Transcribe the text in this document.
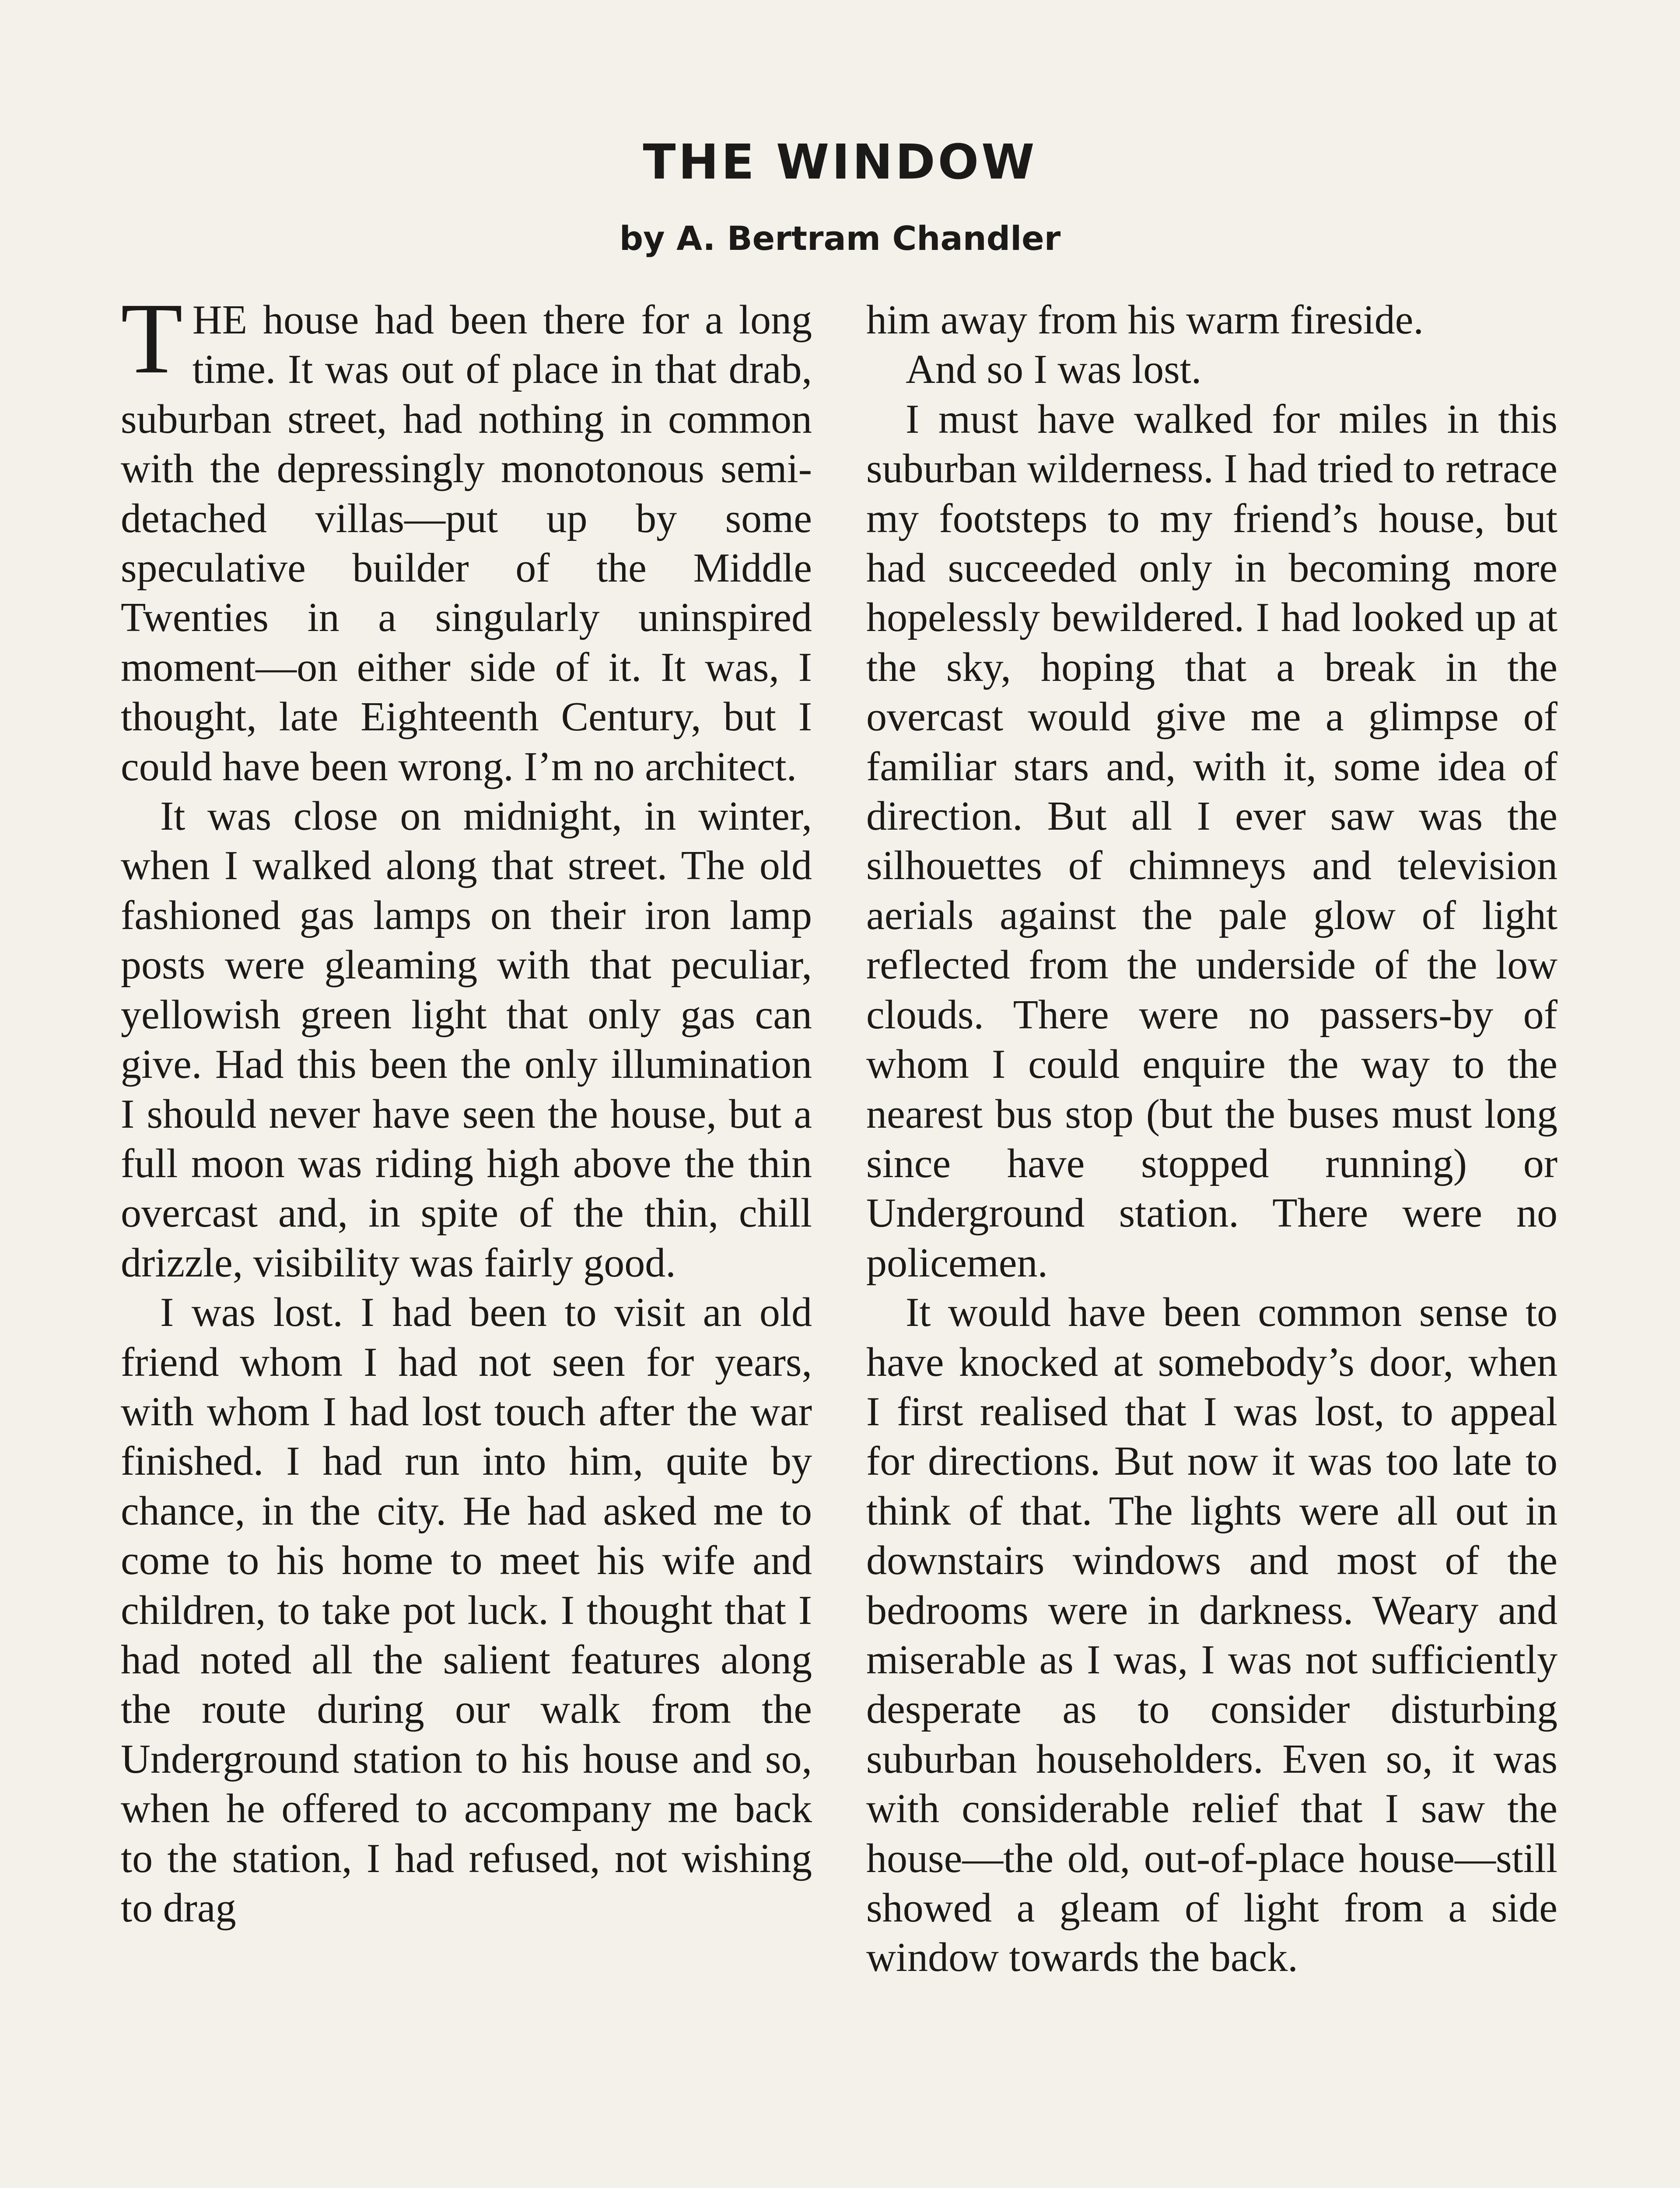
THE WINDOW
by A. Bertram Chandler

THE house had been there for a long time. It was out of place in that drab, suburban street, had nothing in common with the depressingly monotonous semi-detached villas—put up by some speculative builder of the Middle Twenties in a singularly uninspired moment—on either side of it. It was, I thought, late Eighteenth Century, but I could have been wrong. I’m no architect.

It was close on midnight, in winter, when I walked along that street. The old fashioned gas lamps on their iron lamp posts were gleaming with that peculiar, yellowish green light that only gas can give. Had this been the only illumination I should never have seen the house, but a full moon was riding high above the thin overcast and, in spite of the thin, chill drizzle, visibility was fairly good.

I was lost. I had been to visit an old friend whom I had not seen for years, with whom I had lost touch after the war finished. I had run into him, quite by chance, in the city. He had asked me to come to his home to meet his wife and children, to take pot luck. I thought that I had noted all the salient features along the route during our walk from the Underground station to his house and so, when he offered to accompany me back to the station, I had refused, not wishing to drag

him away from his warm fireside.

And so I was lost.

I must have walked for miles in this suburban wilderness. I had tried to retrace my footsteps to my friend’s house, but had succeeded only in becoming more hopelessly bewildered. I had looked up at the sky, hoping that a break in the overcast would give me a glimpse of familiar stars and, with it, some idea of direction. But all I ever saw was the silhouettes of chimneys and television aerials against the pale glow of light reflected from the underside of the low clouds. There were no passers-by of whom I could enquire the way to the nearest bus stop (but the buses must long since have stopped running) or Underground station. There were no policemen.

It would have been common sense to have knocked at somebody’s door, when I first realised that I was lost, to appeal for directions. But now it was too late to think of that. The lights were all out in downstairs windows and most of the bedrooms were in darkness. Weary and miserable as I was, I was not sufficiently desperate as to consider disturbing suburban householders. Even so, it was with considerable relief that I saw the house—the old, out-of-place house—still showed a gleam of light from a side window towards the back.
